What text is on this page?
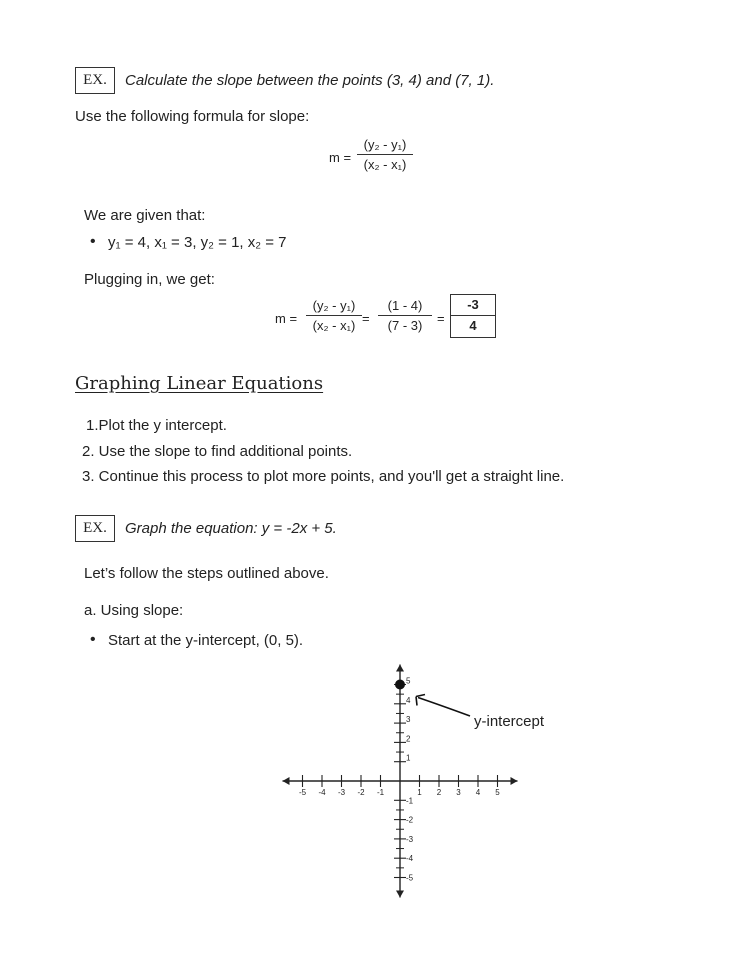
EX. Calculate the slope between the points (3, 4) and (7, 1).
Use the following formula for slope:
m =
(y₂ - y₁)
(x₂ - x₁)
We are given that:
• y₁ = 4, x₁ = 3, y₂ = 1, x₂ = 7
Plugging in, we get:
m =
(y₂ - y₁)
(x₂ - x₁) =
(1 - 4)
(7 - 3)	=
-3
4
Graphing Linear Equations
1.Plot the y intercept.
2. Use the slope to find additional points.
3. Continue this process to plot more points, and you'll get a straight line.
EX. Graph the equation: y = -2x + 5.
Let’s follow the steps outlined above.
a. Using slope:
• Start at the y-intercept, (0, 5).
-5 -4 -3 -2 -1	1 2 3 4 5
5
4
3
2
1
-1
-2
-3
-4
-5
y-intercept
